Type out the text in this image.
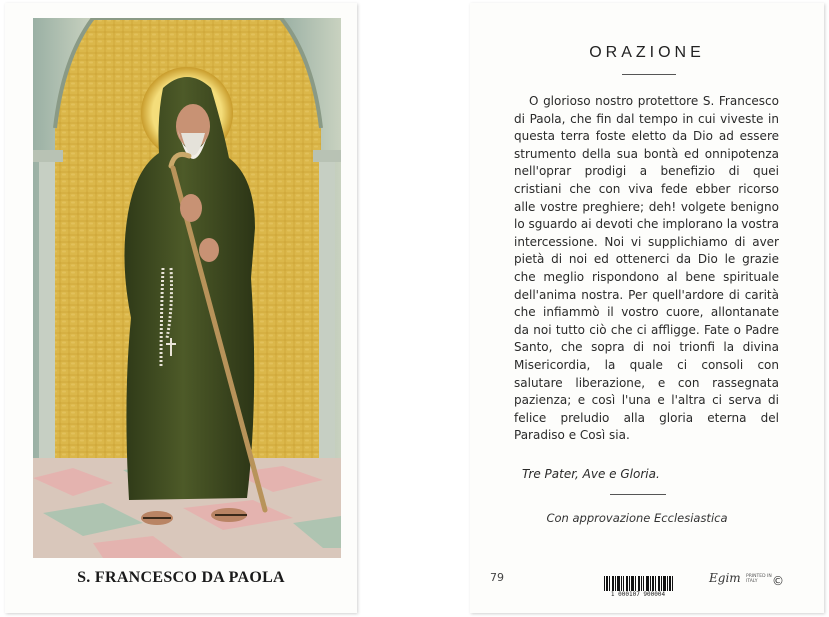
S. FRANCESCO DA PAOLA
ORAZIONE

O glorioso nostro protettore S. Francesco di Paola, che fin dal tempo in cui viveste in questa terra foste eletto da Dio ad essere strumento della sua bontà ed onnipotenza nell'oprar prodigi a benefizio di quei cristiani che con viva fede ebber ricorso alle vostre preghiere; deh! volgete benigno lo sguardo ai devoti che implorano la vostra intercessione. Noi vi supplichiamo di aver pietà di noi ed ottenerci da Dio le grazie che meglio rispondono al bene spirituale dell'anima nostra. Per quell'ardore di carità che infiammò il vostro cuore, allontanate da noi tutto ciò che ci affligge. Fate o Padre Santo, che sopra di noi trionfi la divina Misericordia, la quale ci consoli con salutare liberazione, e con rassegnata pazienza; e così l'una e l'altra ci serva di felice preludio alla gloria eterna del Paradiso e Così sia.

Tre Pater, Ave e Gloria.
Con approvazione Ecclesiastica
79
1 000107 900004
Egim PRINTED IN ITALY	©
